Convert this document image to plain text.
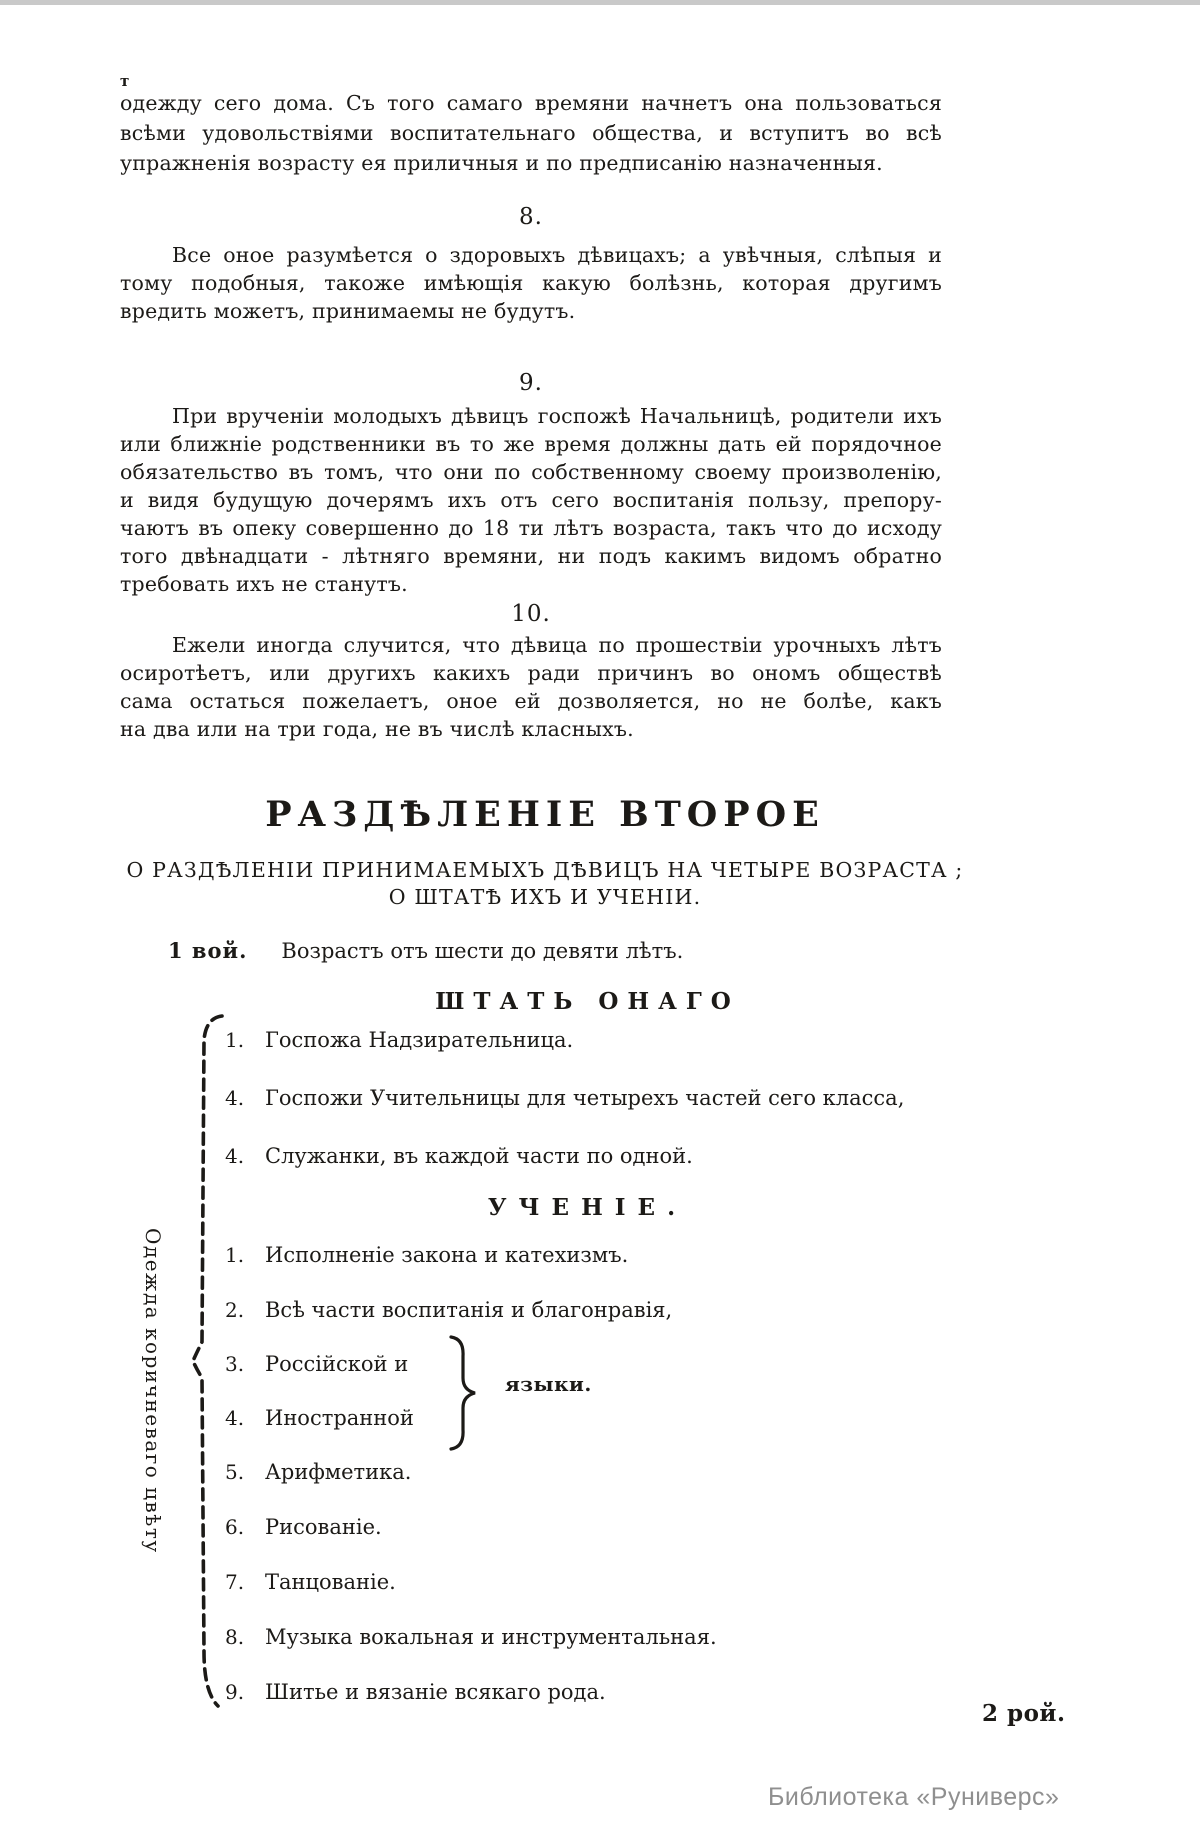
т
одежду сего дома. Съ того самаго времяни начнетъ она пользоваться
всѣми удовольствіями воспитательнаго общества, и вступитъ во всѣ
упражненія возрасту ея приличныя и по предписанію назначенныя.
8.
Все оное разумѣется о здоровыхъ дѣвицахъ; а увѣчныя, слѣпыя и
тому подобныя, такоже имѣющія какую болѣзнь, которая другимъ
вредить можетъ, принимаемы не будутъ.
9.
При врученіи молодыхъ дѣвицъ госпожѣ Начальницѣ, родители ихъ
или ближніе родственники въ то же время должны дать ей порядочное
обязательство въ томъ, что они по собственному своему произволенію,
и видя будущую дочерямъ ихъ отъ сего воспитанія пользу, препору-
чаютъ въ опеку совершенно до 18 ти лѣтъ возраста, такъ что до исходу
того двѣнадцати - лѣтняго времяни, ни подъ какимъ видомъ обратно
требовать ихъ не станутъ.
10.
Ежели иногда случится, что дѣвица по прошествіи урочныхъ лѣтъ
осиротѣетъ, или другихъ какихъ ради причинъ во ономъ обществѣ
сама остаться пожелаетъ, оное ей дозволяется, но не болѣе, какъ
на два или на три года, не въ числѣ класныхъ.
РАЗДѢЛЕНІЕ ВТОРОЕ
О РАЗДѢЛЕНІИ ПРИНИМАЕМЫХЪ ДѢВИЦЪ НА ЧЕТЫРЕ ВОЗРАСТА ;
О ШТАТѢ ИХЪ И УЧЕНІИ.
1 вой. Возрастъ отъ шести до девяти лѣтъ.
ШТАТЬ ОНАГО
1. Госпожа Надзирательница.
4. Госпожи Учительницы для четырехъ частей сего класса,
4. Служанки, въ каждой части по одной.
УЧЕНІЕ.
1. Исполненіе закона и катехизмъ.
2. Всѣ части воспитанія и благонравія,
3. Россійской и
4. Иностранной
5. Арифметика.
6. Рисованіе.
7. Танцованіе.
8. Музыка вокальная и инструментальная.
9. Шитье и вязаніе всякаго рода.
языки.
Одежда коричневаго цвѣту
2 рой.
Библиотека «Руниверс»
